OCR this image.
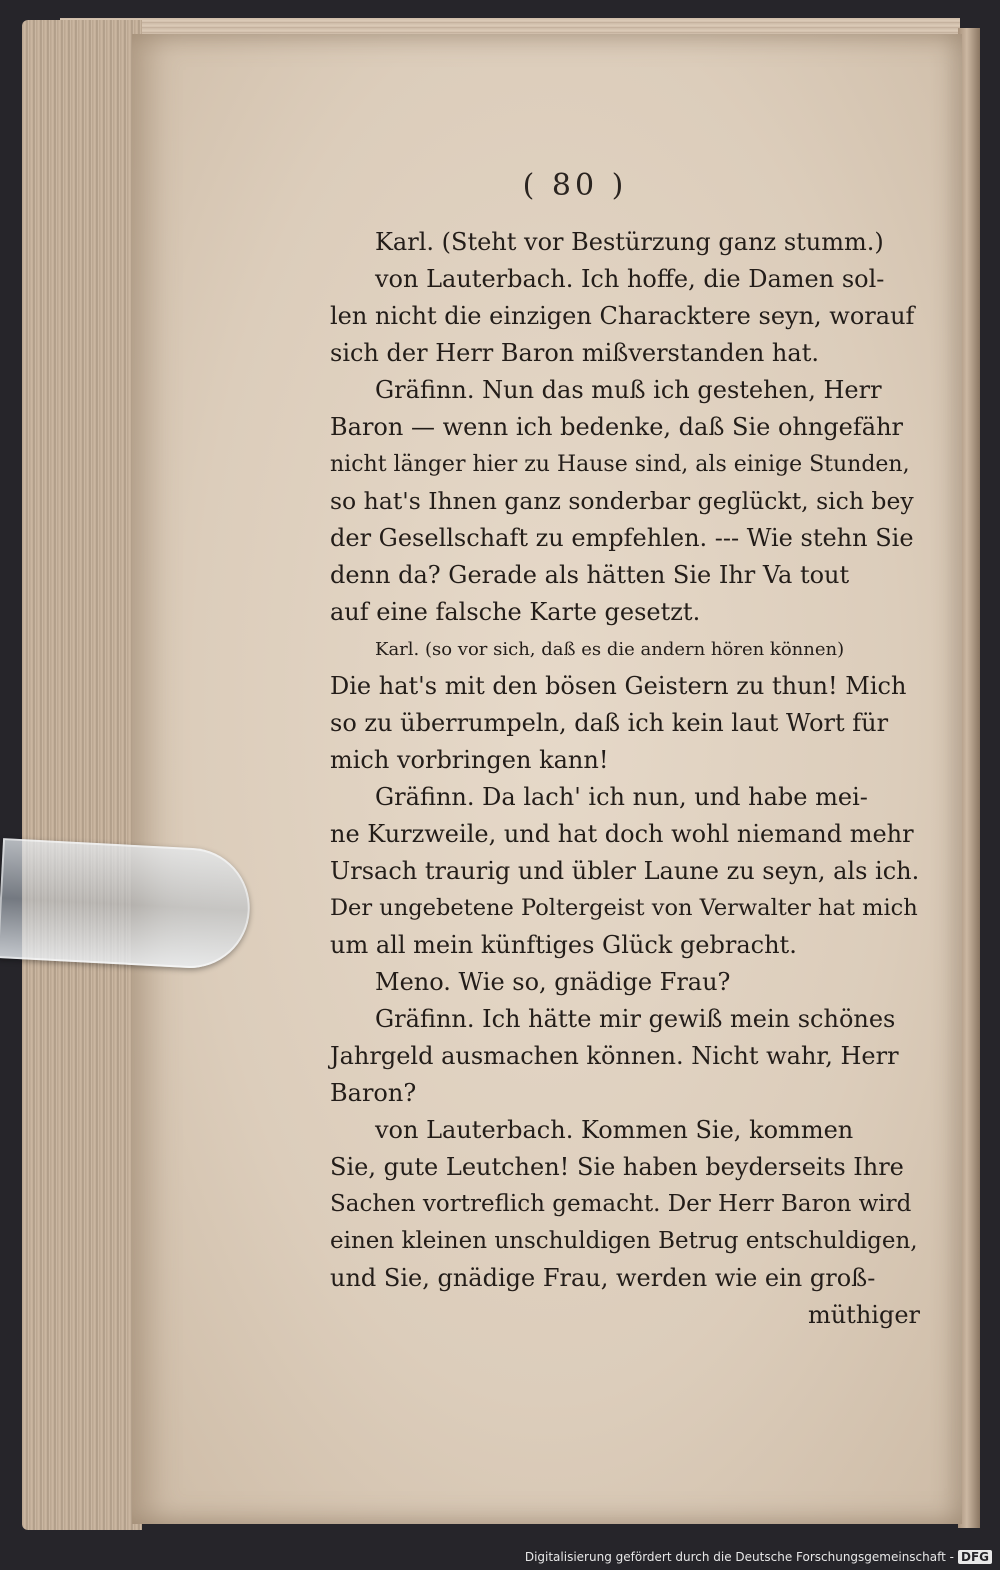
( 80 )
Karl. (Steht vor Bestürzung ganz stumm.)
von Lauterbach. Ich hoffe, die Damen sol-
len nicht die einzigen Characktere seyn, worauf
sich der Herr Baron mißverstanden hat.
Gräfinn. Nun das muß ich gestehen, Herr
Baron — wenn ich bedenke, daß Sie ohngefähr
nicht länger hier zu Hause sind, als einige Stunden,
so hat's Ihnen ganz sonderbar geglückt, sich bey
der Gesellschaft zu empfehlen. --- Wie stehn Sie
denn da? Gerade als hätten Sie Ihr Va tout
auf eine falsche Karte gesetzt.
Karl. (so vor sich, daß es die andern hören können)
Die hat's mit den bösen Geistern zu thun! Mich
so zu überrumpeln, daß ich kein laut Wort für
mich vorbringen kann!
Gräfinn. Da lach' ich nun, und habe mei-
ne Kurzweile, und hat doch wohl niemand mehr
Ursach traurig und übler Laune zu seyn, als ich.
Der ungebetene Poltergeist von Verwalter hat mich
um all mein künftiges Glück gebracht.
Meno. Wie so, gnädige Frau?
Gräfinn. Ich hätte mir gewiß mein schönes
Jahrgeld ausmachen können. Nicht wahr, Herr
Baron?
von Lauterbach. Kommen Sie, kommen
Sie, gute Leutchen! Sie haben beyderseits Ihre
Sachen vortreflich gemacht. Der Herr Baron wird
einen kleinen unschuldigen Betrug entschuldigen,
und Sie, gnädige Frau, werden wie ein groß-
müthiger
Digitalisierung gefördert durch die Deutsche Forschungsgemeinschaft - DFG
